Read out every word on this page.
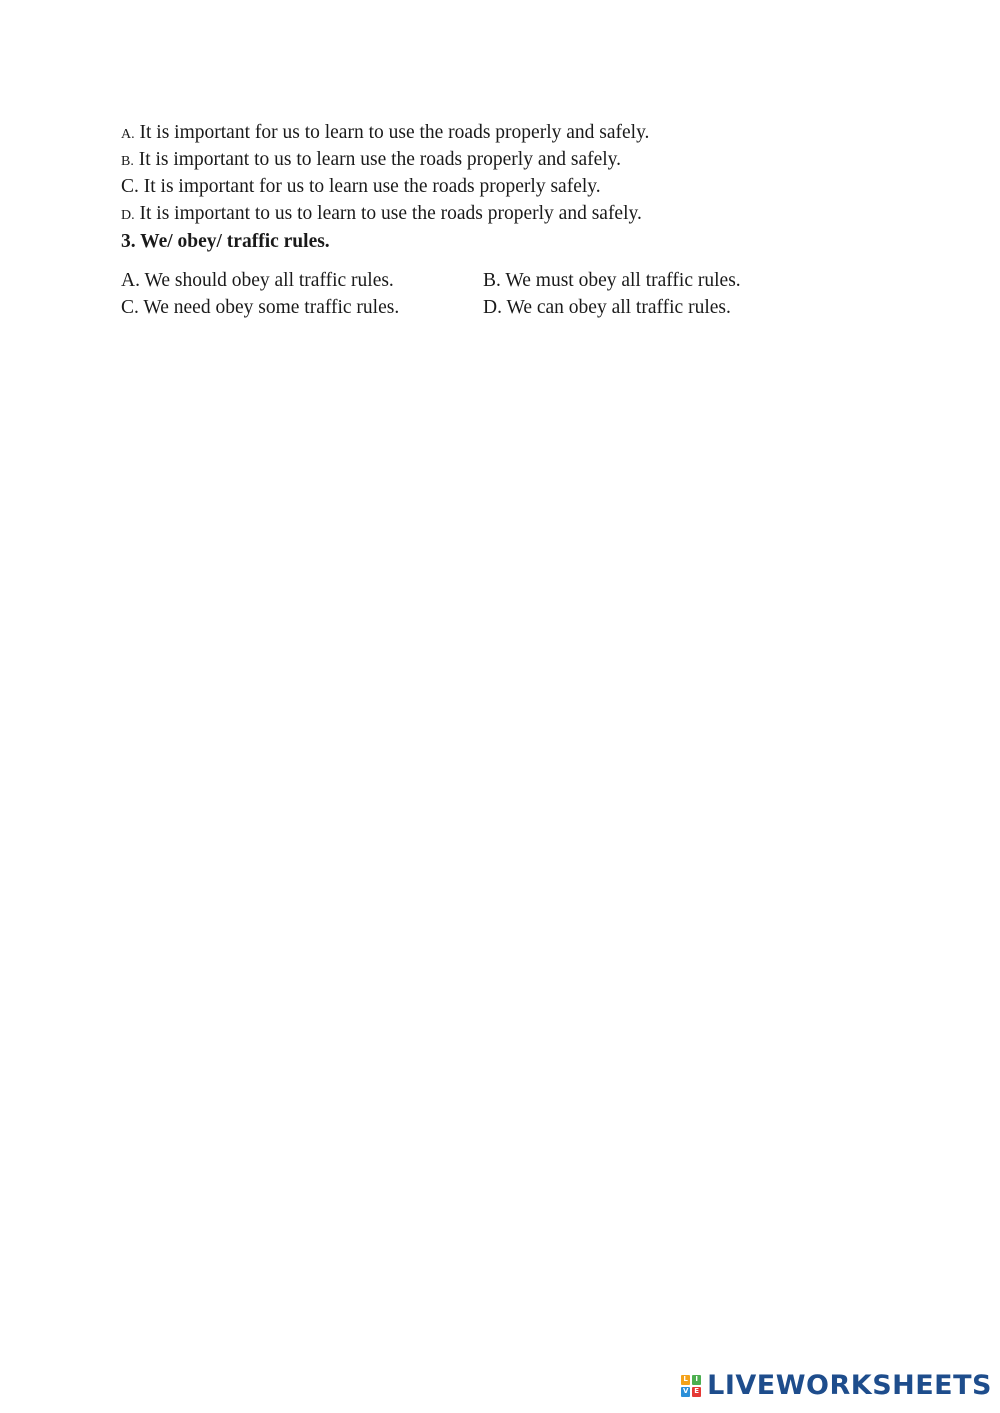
A. It is important for us to learn to use the roads properly and safely.
B. It is important to us to learn use the roads properly and safely.
C. It is important for us to learn use the roads properly safely.
D. It is important to us to learn to use the roads properly and safely.
3. We/ obey/ traffic rules.
A. We should obey all traffic rules.	B. We must obey all traffic rules.
C. We need obey some traffic rules.	D. We can obey all traffic rules.
L	I
V E LIVEWORKSHEETS
